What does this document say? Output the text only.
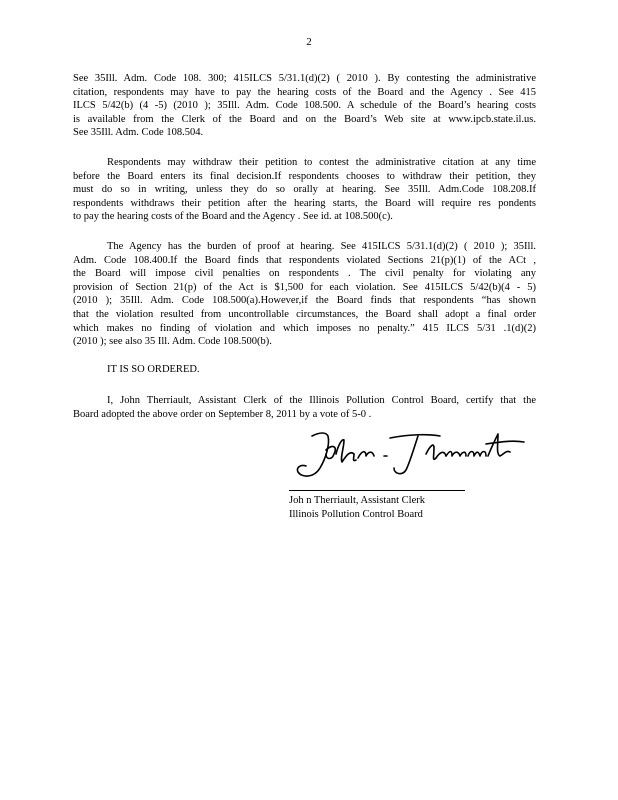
2
See 35Ill. Adm. Code 108. 300; 415ILCS 5/31.1(d)(2) ( 2010 ). By contesting the administrative
citation, respondents may have to pay the hearing costs of the Board and the Agency . See 415
ILCS 5/42(b) (4 -5) (2010 ); 35Ill. Adm. Code 108.500. A schedule of the Board’s hearing costs
is available from the Clerk of the Board and on the Board’s Web site at www.ipcb.state.il.us.
See 35Ill. Adm. Code 108.504.
Respondents may withdraw their petition to contest the administrative citation at any time
before the Board enters its final decision.If respondents chooses to withdraw their petition, they
must do so in writing, unless they do so orally at hearing. See 35Ill. Adm.Code 108.208.If
respondents withdraws their petition after the hearing starts, the Board will require res pondents
to pay the hearing costs of the Board and the Agency . See id. at 108.500(c).
The Agency has the burden of proof at hearing. See 415ILCS 5/31.1(d)(2) ( 2010 ); 35Ill.
Adm. Code 108.400.If the Board finds that respondents violated Sections 21(p)(1) of the ACt ,
the Board will impose civil penalties on respondents . The civil penalty for violating any
provision of Section 21(p) of the Act is $1,500 for each violation. See 415ILCS 5/42(b)(4 - 5)
(2010 ); 35Ill. Adm. Code 108.500(a).However,if the Board finds that respondents “has shown
that the violation resulted from uncontrollable circumstances, the Board shall adopt a final order
which makes no finding of violation and which imposes no penalty.” 415 ILCS 5/31 .1(d)(2)
(2010 ); see also 35 Ill. Adm. Code 108.500(b).
IT IS SO ORDERED.
I, John Therriault, Assistant Clerk of the Illinois Pollution Control Board, certify that the
Board adopted the above order on September 8, 2011 by a vote of 5-0 .
Joh n Therriault, Assistant Clerk
Illinois Pollution Control Board
